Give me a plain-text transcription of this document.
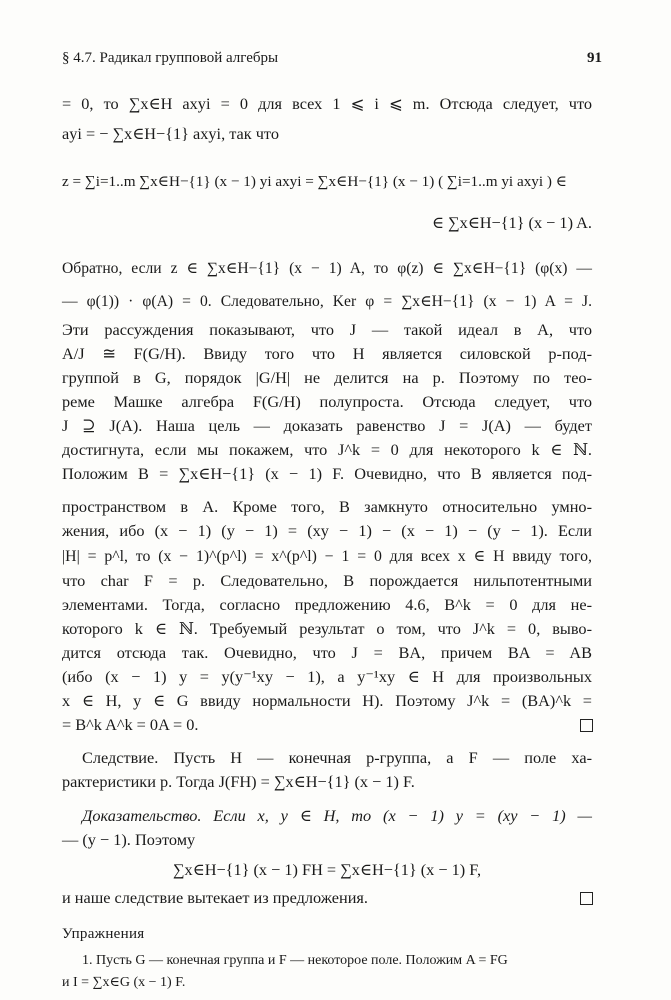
§ 4.7. Радикал групповой алгебры	91
= 0, то ∑x∈H axyi = 0 для всех 1 ⩽ i ⩽ m. Отсюда следует, что
ayi = − ∑x∈H−{1} axyi, так что
z = ∑i=1..m ∑x∈H−{1} (x − 1) yi axyi = ∑x∈H−{1} (x − 1) ( ∑i=1..m yi axyi ) ∈
∈ ∑x∈H−{1} (x − 1) A.
Обратно, если z ∈ ∑x∈H−{1} (x − 1) A, то φ(z) ∈ ∑x∈H−{1} (φ(x) —
— φ(1)) · φ(A) = 0. Следовательно, Ker φ = ∑x∈H−{1} (x − 1) A = J.
Эти рассуждения показывают, что J — такой идеал в A, что
A/J ≅ F(G/H). Ввиду того что H является силовской p-под-
группой в G, порядок |G/H| не делится на p. Поэтому по тео-
реме Машке алгебра F(G/H) полупроста. Отсюда следует, что
J ⊇ J(A). Наша цель — доказать равенство J = J(A) — будет
достигнута, если мы покажем, что J^k = 0 для некоторого k ∈ ℕ.
Положим B = ∑x∈H−{1} (x − 1) F. Очевидно, что B является под-
пространством в A. Кроме того, B замкнуто относительно умно-
жения, ибо (x − 1) (y − 1) = (xy − 1) − (x − 1) − (y − 1). Если
|H| = p^l, то (x − 1)^(p^l) = x^(p^l) − 1 = 0 для всех x ∈ H ввиду того,
что char F = p. Следовательно, B порождается нильпотентными
элементами. Тогда, согласно предложению 4.6, B^k = 0 для не-
которого k ∈ ℕ. Требуемый результат о том, что J^k = 0, выво-
дится отсюда так. Очевидно, что J = BA, причем BA = AB
(ибо (x − 1) y = y(y⁻¹xy − 1), а y⁻¹xy ∈ H для произвольных
x ∈ H, y ∈ G ввиду нормальности H). Поэтому J^k = (BA)^k =
= B^k A^k = 0A = 0.
Следствие. Пусть H — конечная p-группа, а F — поле ха-
рактеристики p. Тогда J(FH) = ∑x∈H−{1} (x − 1) F.
Доказательство. Если x, y ∈ H, то (x − 1) y = (xy − 1) —
— (y − 1). Поэтому
∑x∈H−{1} (x − 1) FH = ∑x∈H−{1} (x − 1) F,
и наше следствие вытекает из предложения.
Упражнения
1. Пусть G — конечная группа и F — некоторое поле. Положим A = FG
и I = ∑x∈G (x − 1) F.
